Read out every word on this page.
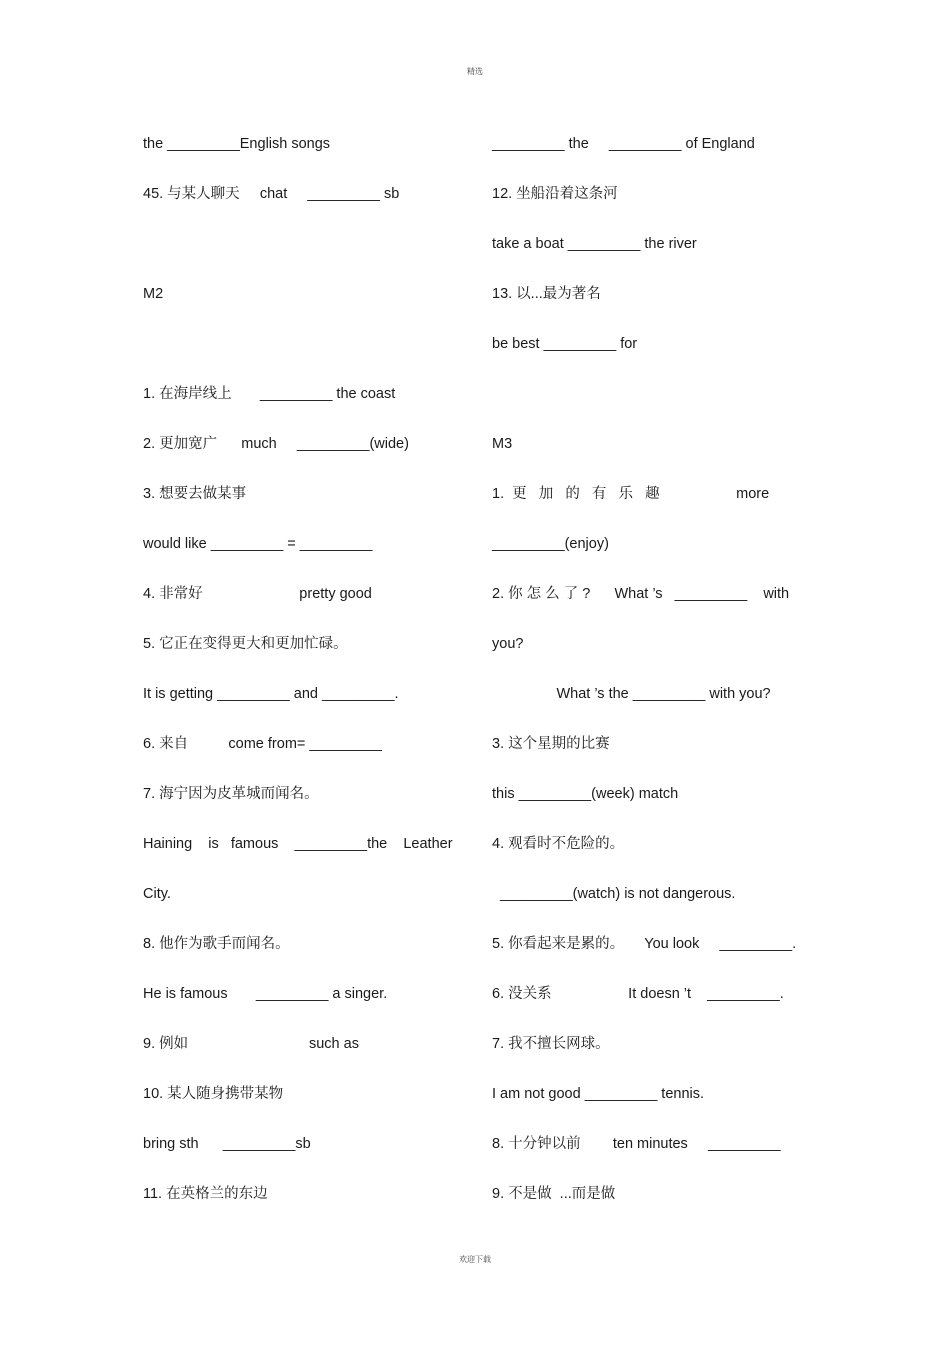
精选
the _________English songs
45. 与某人聊天     chat     _________ sb
M2
1. 在海岸线上       _________ the coast
2. 更加宽广      much     _________(wide)
3. 想要去做某事
would like _________ = _________
4. 非常好                        pretty good
5. 它正在变得更大和更加忙碌。
It is getting _________ and _________.
6. 来自          come from= _________
7. 海宁因为皮革城而闻名。
Haining    is   famous    _________the    Leather
City.
8. 他作为歌手而闻名。
He is famous       _________ a singer.
9. 例如                              such as
10. 某人随身携带某物
bring sth      _________sb
11. 在英格兰的东边
_________ the     _________ of England
12. 坐船沿着这条河
take a boat _________ the river
13. 以...最为著名
be best _________ for
M3
1.  更   加   的   有   乐   趣                   more
_________(enjoy)
2. 你 怎 么 了 ?      What ’s   _________    with
you?
What ’s the _________ with you?
3. 这个星期的比赛
this _________(week) match
4. 观看时不危险的。
_________(watch) is not dangerous.
5. 你看起来是累的。     You look     _________.
6. 没关系                   It doesn ’t    _________.
7. 我不擅长网球。
I am not good _________ tennis.
8. 十分钟以前        ten minutes     _________
9. 不是做  ...而是做
欢迎下载
